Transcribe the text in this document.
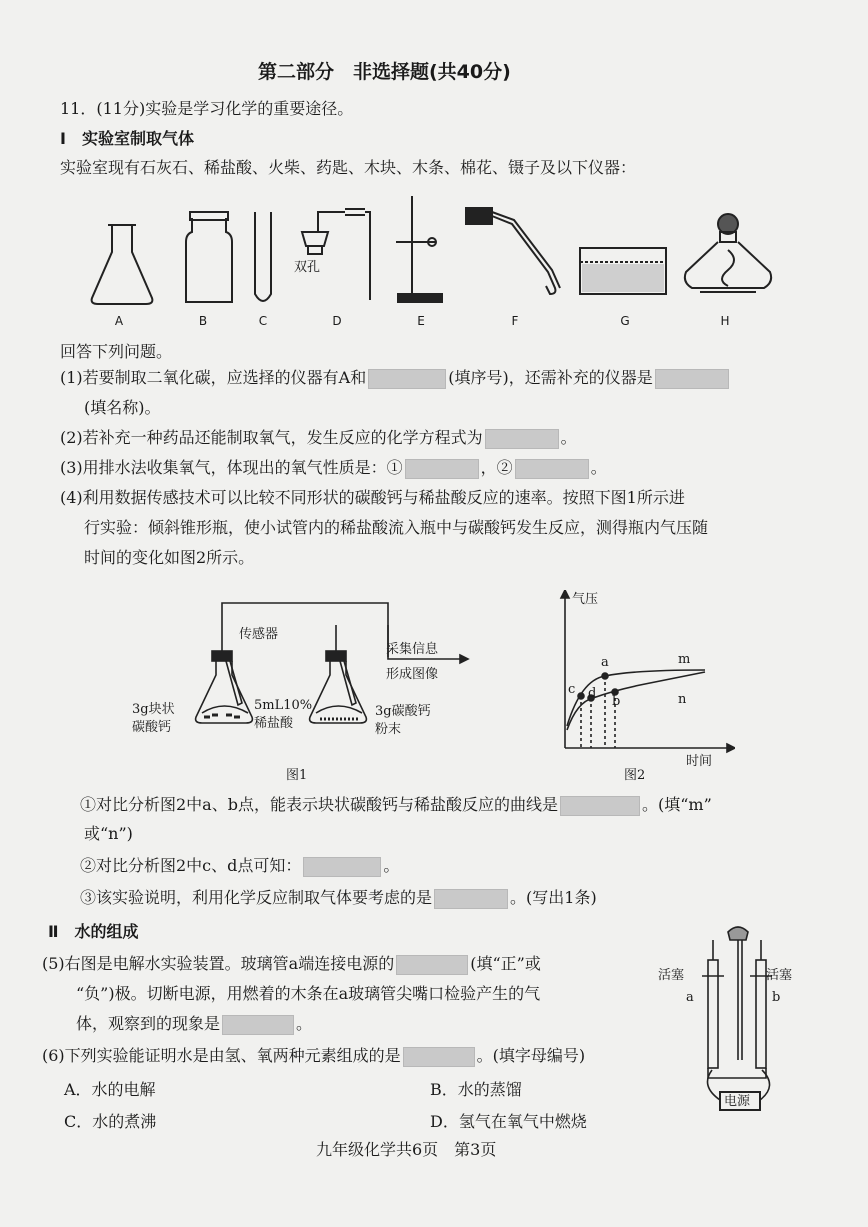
第二部分　非选择题(共40分)
11．(11分)实验是学习化学的重要途径。
Ⅰ　实验室制取气体
实验室现有石灰石、稀盐酸、火柴、药匙、木块、木条、棉花、镊子及以下仪器：
A	B	C	D	E	F	G	H
双孔
回答下列问题。
(1)若要制取二氧化碳，应选择的仪器有A和	(填序号)，还需补充的仪器是
(填名称)。
(2)若补充一种药品还能制取氧气，发生反应的化学方程式为	。
(3)用排水法收集氧气，体现出的氧气性质是：①	，②	。
(4)利用数据传感技术可以比较不同形状的碳酸钙与稀盐酸反应的速率。按照下图1所示进
行实验：倾斜锥形瓶，使小试管内的稀盐酸流入瓶中与碳酸钙发生反应，测得瓶内气压随
时间的变化如图2所示。
传感器
采集信息
形成图像
3g块状
碳酸钙
5mL10%
稀盐酸
3g碳酸钙
粉末
图1
气压
时间
a
b
c d
m
n
图2
①对比分析图2中a、b点，能表示块状碳酸钙与稀盐酸反应的曲线是	。(填“m”
或“n”)
②对比分析图2中c、d点可知：	。
③该实验说明，利用化学反应制取气体要考虑的是	。(写出1条)
Ⅱ　水的组成
(5)右图是电解水实验装置。玻璃管a端连接电源的	(填“正”或
“负”)极。切断电源，用燃着的木条在a玻璃管尖嘴口检验产生的气
体，观察到的现象是	。
(6)下列实验能证明水是由氢、氧两种元素组成的是	。(填字母编号)
A．水的电解	B．水的蒸馏
C．水的煮沸	D．氢气在氧气中燃烧
活塞	活塞
a	b
电源
九年级化学共6页　第3页
